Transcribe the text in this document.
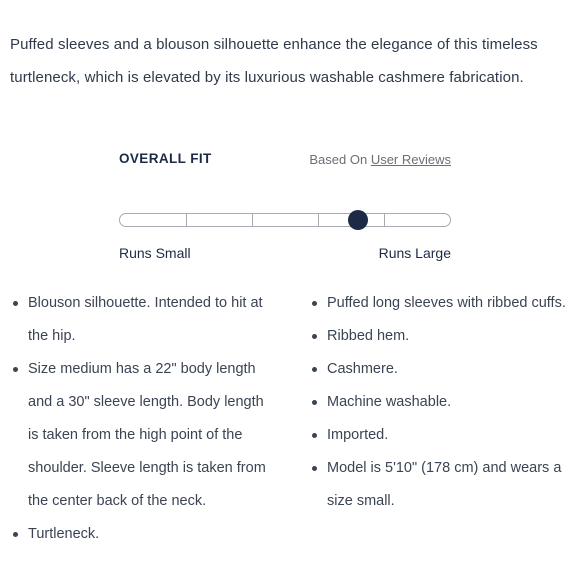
Puffed sleeves and a blouson silhouette enhance the elegance of this timeless turtleneck, which is elevated by its luxurious washable cashmere fabrication.

OVERALL FIT	Based On User Reviews
Runs Small	Runs Large
Blouson silhouette. Intended to hit at the hip.
Size medium has a 22" body length and a 30" sleeve length. Body length is taken from the high point of the shoulder. Sleeve length is taken from the center back of the neck.
Turtleneck.
Puffed long sleeves with ribbed cuffs.
Ribbed hem.
Cashmere.
Machine washable.
Imported.
Model is 5'10" (178 cm) and wears a size small.
